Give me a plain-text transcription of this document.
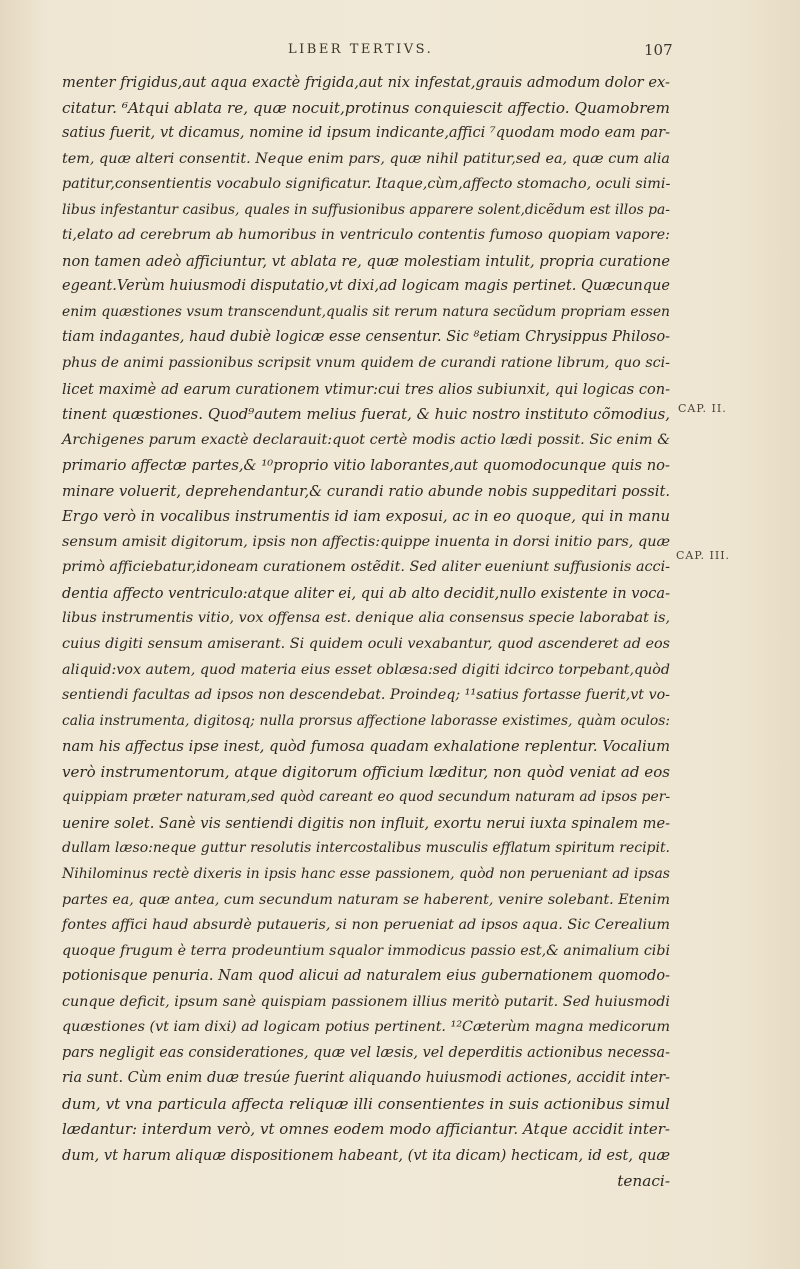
LIBER TERTIVS.	107
menter frigidus,aut aqua exactè frigida,aut nix infestat,grauis admodum dolor ex-
citatur. ⁶Atqui ablata re, quæ nocuit,protinus conquiescit affectio. Quamobrem
satius fuerit, vt dicamus, nomine id ipsum indicante,affici ⁷quodam modo eam par-
tem, quæ alteri consentit. Neque enim pars, quæ nihil patitur,sed ea, quæ cum alia
patitur,consentientis vocabulo significatur. Itaque,cùm,affecto stomacho, oculi simi-
libus infestantur casibus, quales in suffusionibus apparere solent,dicẽdum est illos pa-
ti,elato ad cerebrum ab humoribus in ventriculo contentis fumoso quopiam vapore:
non tamen adeò afficiuntur, vt ablata re, quæ molestiam intulit, propria curatione
egeant.Verùm huiusmodi disputatio,vt dixi,ad logicam magis pertinet. Quæcunque
enim quæstiones vsum transcendunt,qualis sit rerum natura secũdum propriam essen
tiam indagantes, haud dubiè logicæ esse censentur. Sic ⁸etiam Chrysippus Philoso-
phus de animi passionibus scripsit vnum quidem de curandi ratione librum, quo sci-
licet maximè ad earum curationem vtimur:cui tres alios subiunxit, qui logicas con-
tinent quæstiones. Quod⁹autem melius fuerat, & huic nostro instituto cõmodius,
Archigenes parum exactè declarauit:quot certè modis actio lædi possit. Sic enim &
primario affectæ partes,& ¹⁰proprio vitio laborantes,aut quomodocunque quis no-
minare voluerit, deprehendantur,& curandi ratio abunde nobis suppeditari possit.
Ergo verò in vocalibus instrumentis id iam exposui, ac in eo quoque, qui in manu
sensum amisit digitorum, ipsis non affectis:quippe inuenta in dorsi initio pars, quæ
primò afficiebatur,idoneam curationem ostẽdit. Sed aliter eueniunt suffusionis acci-
dentia affecto ventriculo:atque aliter ei, qui ab alto decidit,nullo existente in voca-
libus instrumentis vitio, vox offensa est. denique alia consensus specie laborabat is,
cuius digiti sensum amiserant. Si quidem oculi vexabantur, quod ascenderet ad eos
aliquid:vox autem, quod materia eius esset oblæsa:sed digiti idcirco torpebant,quòd
sentiendi facultas ad ipsos non descendebat. Proindeq; ¹¹satius fortasse fuerit,vt vo-
calia instrumenta, digitosq; nulla prorsus affectione laborasse existimes, quàm oculos:
nam his affectus ipse inest, quòd fumosa quadam exhalatione replentur. Vocalium
verò instrumentorum, atque digitorum officium læditur, non quòd veniat ad eos
quippiam præter naturam,sed quòd careant eo quod secundum naturam ad ipsos per-
uenire solet. Sanè vis sentiendi digitis non influit, exortu nerui iuxta spinalem me-
dullam læso:neque guttur resolutis intercostalibus musculis efflatum spiritum recipit.
Nihilominus rectè dixeris in ipsis hanc esse passionem, quòd non perueniant ad ipsas
partes ea, quæ antea, cum secundum naturam se haberent, venire solebant. Etenim
fontes affici haud absurdè putaueris, si non perueniat ad ipsos aqua. Sic Cerealium
quoque frugum è terra prodeuntium squalor immodicus passio est,& animalium cibi
potionisque penuria. Nam quod alicui ad naturalem eius gubernationem quomodo-
cunque deficit, ipsum sanè quispiam passionem illius meritò putarit. Sed huiusmodi
quæstiones (vt iam dixi) ad logicam potius pertinent. ¹²Cæterùm magna medicorum
pars negligit eas considerationes, quæ vel læsis, vel deperditis actionibus necessa-
ria sunt. Cùm enim duæ tresúe fuerint aliquando huiusmodi actiones, accidit inter-
dum, vt vna particula affecta reliquæ illi consentientes in suis actionibus simul
lædantur: interdum verò, vt omnes eodem modo afficiantur. Atque accidit inter-
dum, vt harum aliquæ dispositionem habeant, (vt ita dicam) hecticam, id est, quæ
tenaci-
CAP. II.
CAP. III.
